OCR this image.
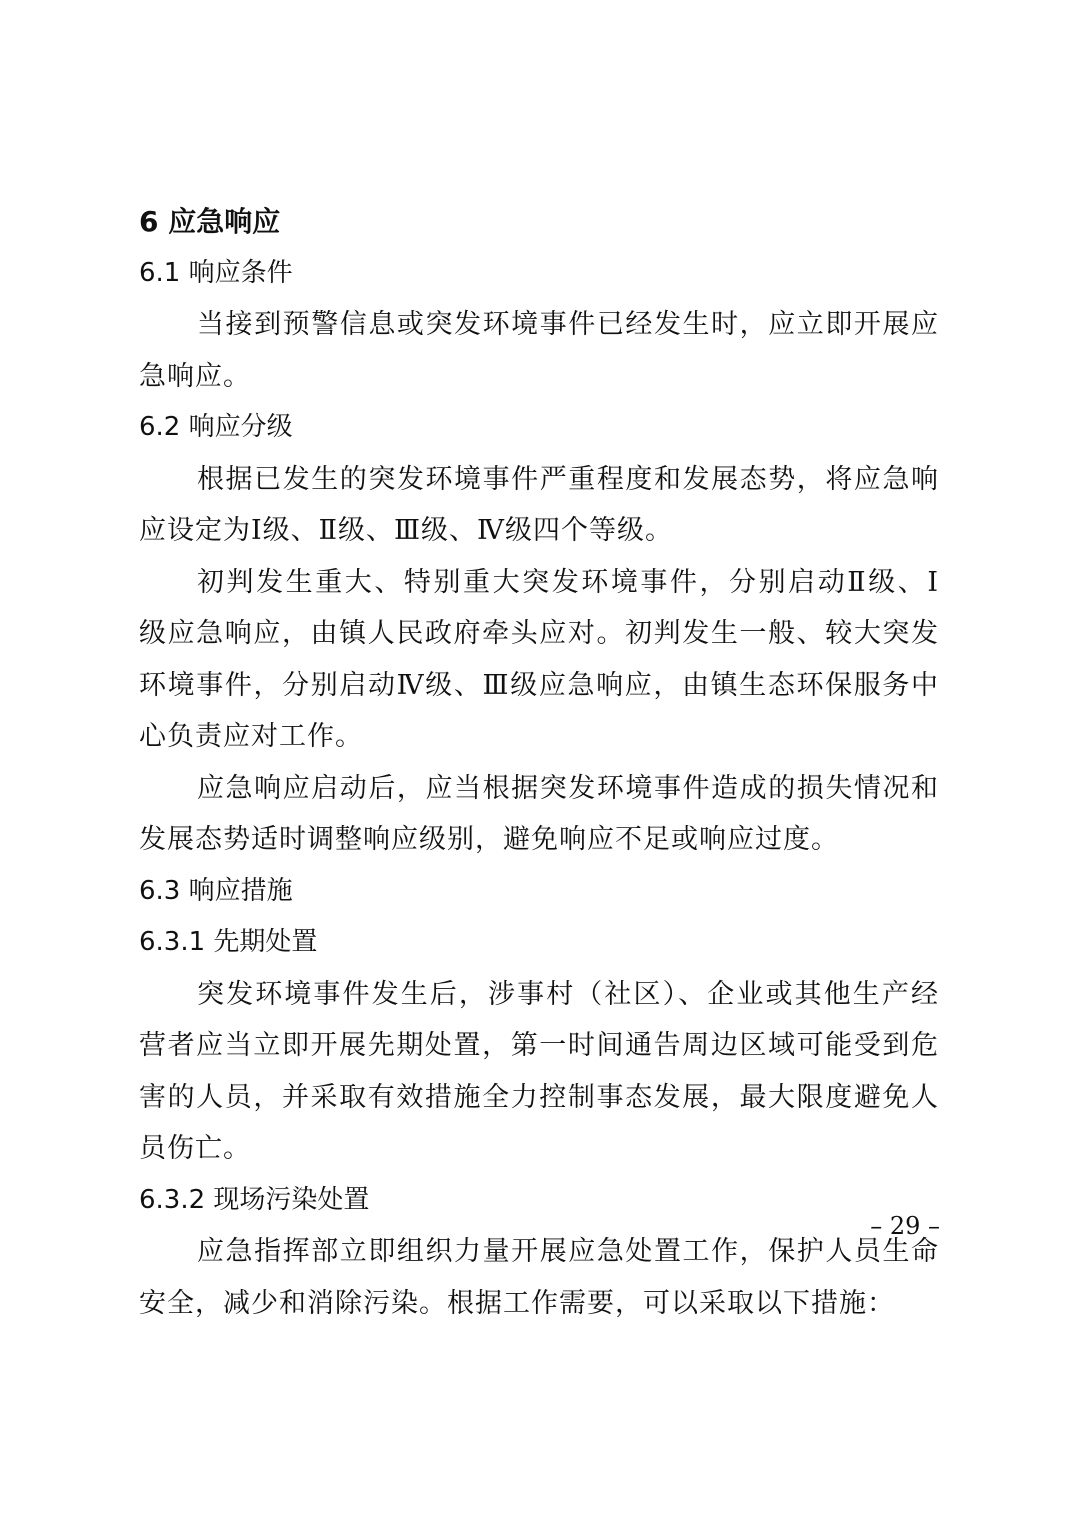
6 应急响应
6.1 响应条件
当接到预警信息或突发环境事件已经发生时，应立即开展应
急响应。
6.2 响应分级
根据已发生的突发环境事件严重程度和发展态势，将应急响
应设定为Ⅰ级、Ⅱ级、Ⅲ级、Ⅳ级四个等级。
初判发生重大、特别重大突发环境事件，分别启动Ⅱ级、Ⅰ
级应急响应，由镇人民政府牵头应对。初判发生一般、较大突发
环境事件，分别启动Ⅳ级、Ⅲ级应急响应，由镇生态环保服务中
心负责应对工作。
应急响应启动后，应当根据突发环境事件造成的损失情况和
发展态势适时调整响应级别，避免响应不足或响应过度。
6.3 响应措施
6.3.1 先期处置
突发环境事件发生后，涉事村（社区）、企业或其他生产经
营者应当立即开展先期处置，第一时间通告周边区域可能受到危
害的人员，并采取有效措施全力控制事态发展，最大限度避免人
员伤亡。
6.3.2 现场污染处置
应急指挥部立即组织力量开展应急处置工作，保护人员生命
安全，减少和消除污染。根据工作需要，可以采取以下措施：
– 29 –
